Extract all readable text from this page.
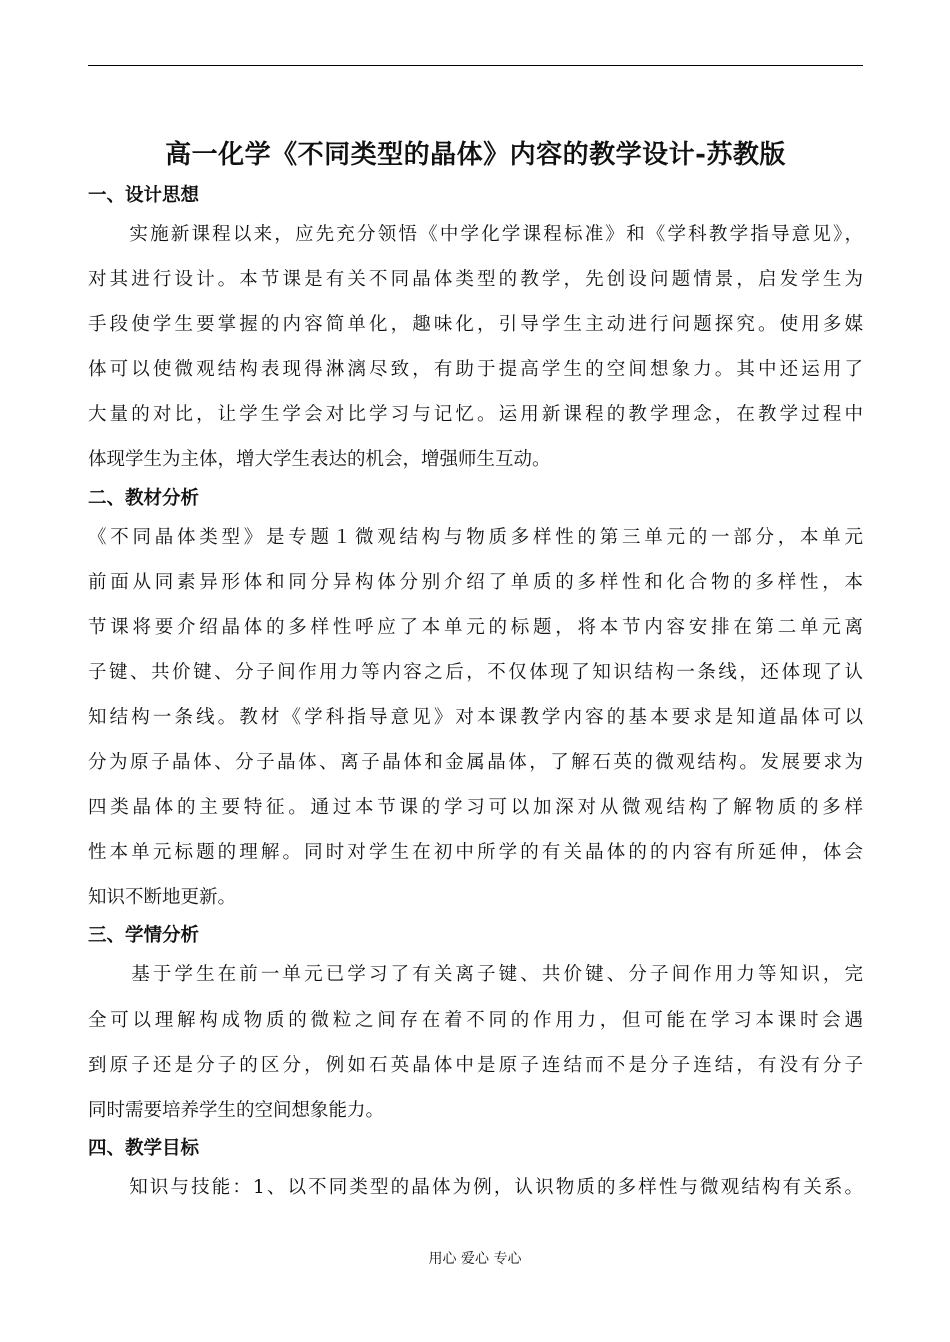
高一化学《不同类型的晶体》内容的教学设计-苏教版
一、设计思想

　　实施新课程以来，应先充分领悟《中学化学课程标准》和《学科教学指导意见》，
对其进行设计。本节课是有关不同晶体类型的教学，先创设问题情景，启发学生为
手段使学生要掌握的内容简单化，趣味化，引导学生主动进行问题探究。使用多媒
体可以使微观结构表现得淋漓尽致，有助于提高学生的空间想象力。其中还运用了
大量的对比，让学生学会对比学习与记忆。运用新课程的教学理念，在教学过程中
体现学生为主体，增大学生表达的机会，增强师生互动。

二、教材分析

《不同晶体类型》是专题１微观结构与物质多样性的第三单元的一部分，本单元
前面从同素异形体和同分异构体分别介绍了单质的多样性和化合物的多样性，本
节课将要介绍晶体的多样性呼应了本单元的标题，将本节内容安排在第二单元离
子键、共价键、分子间作用力等内容之后，不仅体现了知识结构一条线，还体现了认
知结构一条线。教材《学科指导意见》对本课教学内容的基本要求是知道晶体可以
分为原子晶体、分子晶体、离子晶体和金属晶体，了解石英的微观结构。发展要求为
四类晶体的主要特征。通过本节课的学习可以加深对从微观结构了解物质的多样
性本单元标题的理解。同时对学生在初中所学的有关晶体的的内容有所延伸，体会
知识不断地更新。

三、学情分析

　　基于学生在前一单元已学习了有关离子键、共价键、分子间作用力等知识，完
全可以理解构成物质的微粒之间存在着不同的作用力，但可能在学习本课时会遇
到原子还是分子的区分，例如石英晶体中是原子连结而不是分子连结，有没有分子
同时需要培养学生的空间想象能力。

四、教学目标

　　知识与技能：1、以不同类型的晶体为例，认识物质的多样性与微观结构有关系。

用心 爱心 专心
